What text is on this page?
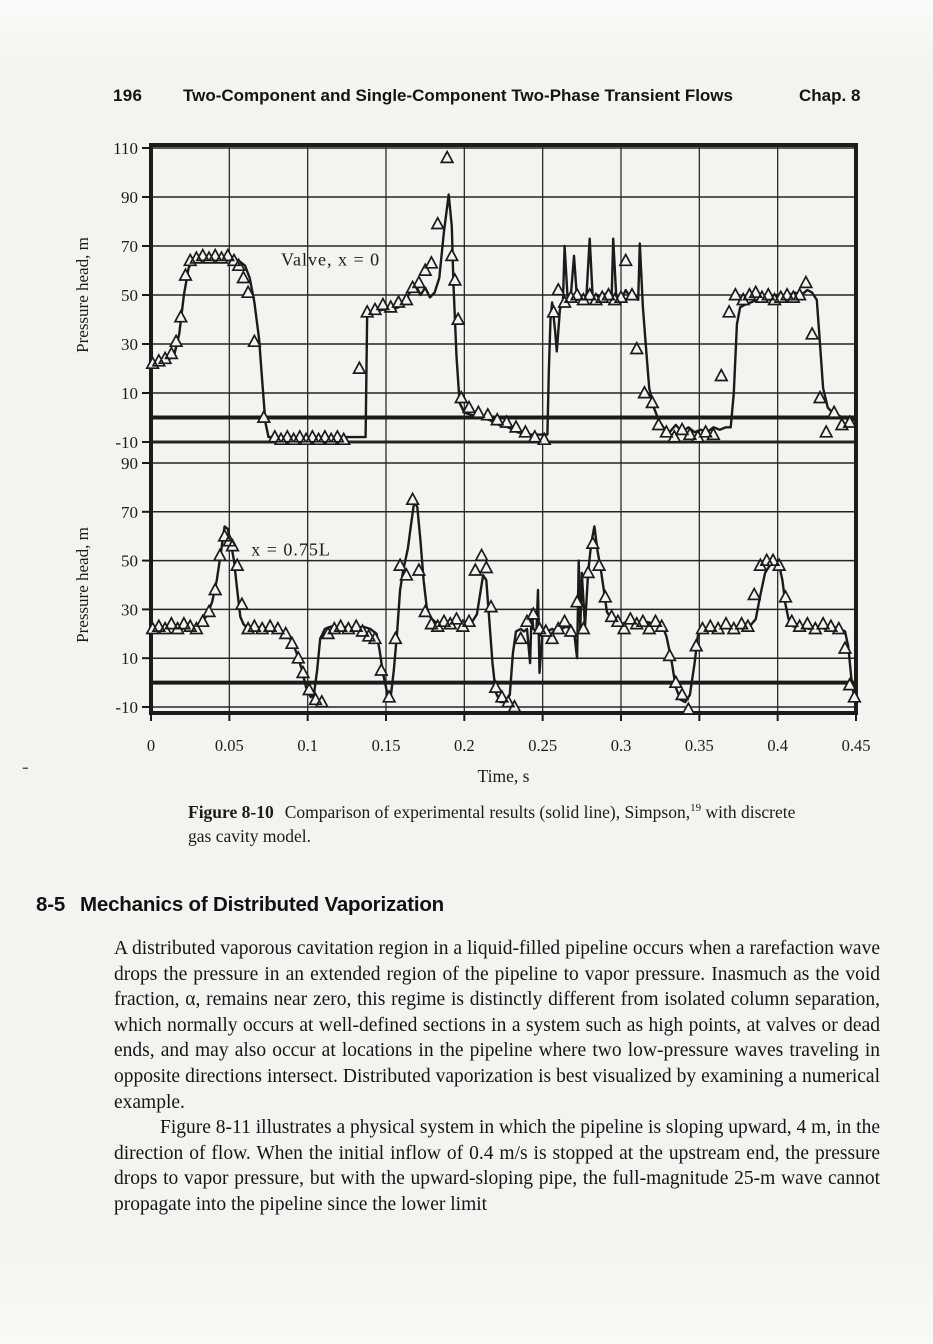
196 Two-Component and Single-Component Two-Phase Transient Flows	Chap. 8
110
90
70
50
30
10
-10
Pressure head, m	Valve, x = 0
90
70
50
30
10
-10
Pressure head, m	x = 0.75L
0	0.05	0.1	0.15	0.2	0.25	0.3	0.35	0.4	0.45
Time, s
Figure 8-10 Comparison of experimental results (solid line), Simpson,$^{19}$ with discrete gas cavity model.
-
8-5 Mechanics of Distributed Vaporization

A distributed vaporous cavitation region in a liquid-filled pipeline occurs when a rarefaction wave drops the pressure in an extended region of the pipeline to vapor pressure. Inasmuch as the void fraction, α, remains near zero, this regime is distinctly different from isolated column separation, which normally occurs at well-defined sections in a system such as high points, at valves or dead ends, and may also occur at locations in the pipeline where two low-pressure waves traveling in opposite directions intersect. Distributed vaporization is best visualized by examining a numerical example.

Figure 8-11 illustrates a physical system in which the pipeline is sloping upward, 4 m, in the direction of flow. When the initial inflow of 0.4 m/s is stopped at the upstream end, the pressure drops to vapor pressure, but with the upward-sloping pipe, the full-magnitude 25-m wave cannot propagate into the pipeline since the lower limit
